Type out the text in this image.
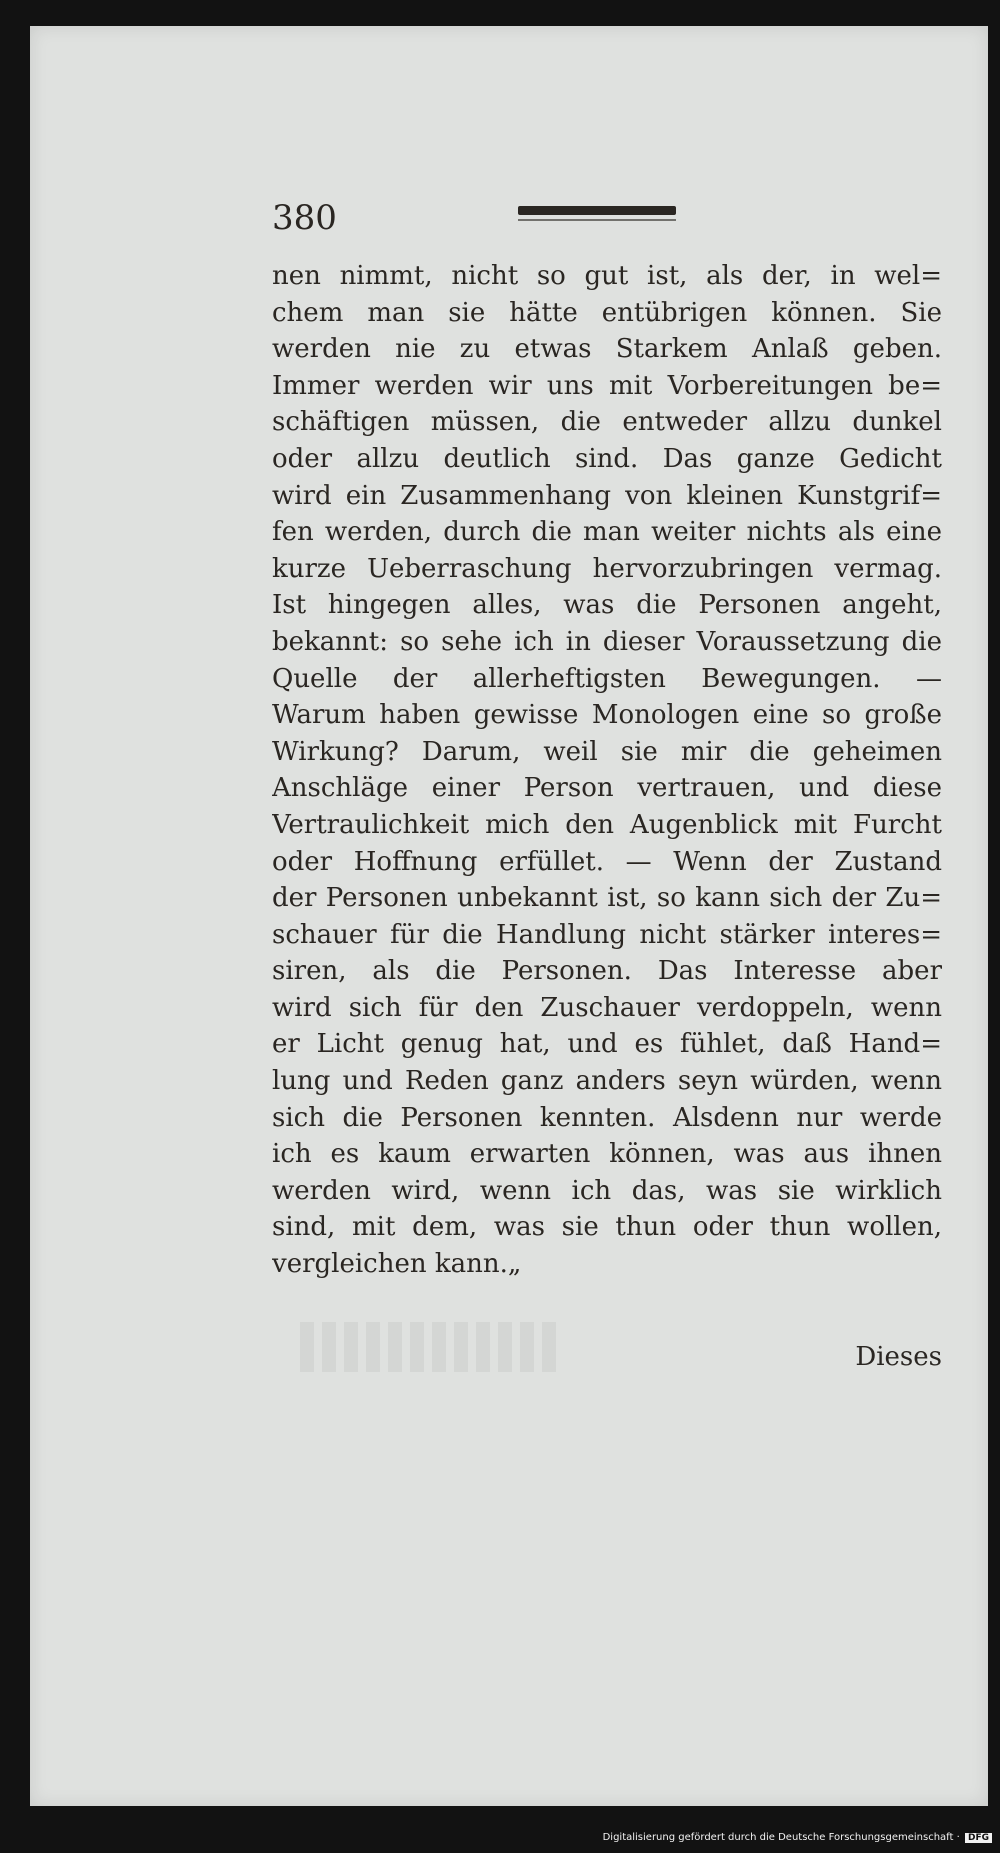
380

nen nimmt, nicht so gut ist, als der, in wel=
chem man sie hätte entübrigen können. Sie
werden nie zu etwas Starkem Anlaß geben.
Immer werden wir uns mit Vorbereitungen be=
schäftigen müssen, die entweder allzu dunkel
oder allzu deutlich sind. Das ganze Gedicht
wird ein Zusammenhang von kleinen Kunstgrif=
fen werden, durch die man weiter nichts als eine
kurze Ueberraschung hervorzubringen vermag.
Ist hingegen alles, was die Personen angeht,
bekannt: so sehe ich in dieser Voraussetzung die
Quelle der allerheftigsten Bewegungen. —
Warum haben gewisse Monologen eine so große
Wirkung? Darum, weil sie mir die geheimen
Anschläge einer Person vertrauen, und diese
Vertraulichkeit mich den Augenblick mit Furcht
oder Hoffnung erfüllet. — Wenn der Zustand
der Personen unbekannt ist, so kann sich der Zu=
schauer für die Handlung nicht stärker interes=
siren, als die Personen. Das Interesse aber
wird sich für den Zuschauer verdoppeln, wenn
er Licht genug hat, und es fühlet, daß Hand=
lung und Reden ganz anders seyn würden, wenn
sich die Personen kennten. Alsdenn nur werde
ich es kaum erwarten können, was aus ihnen
werden wird, wenn ich das, was sie wirklich
sind, mit dem, was sie thun oder thun wollen,
vergleichen kann.„

Dieses

Digitalisierung gefördert durch die Deutsche Forschungsgemeinschaft · DFG
